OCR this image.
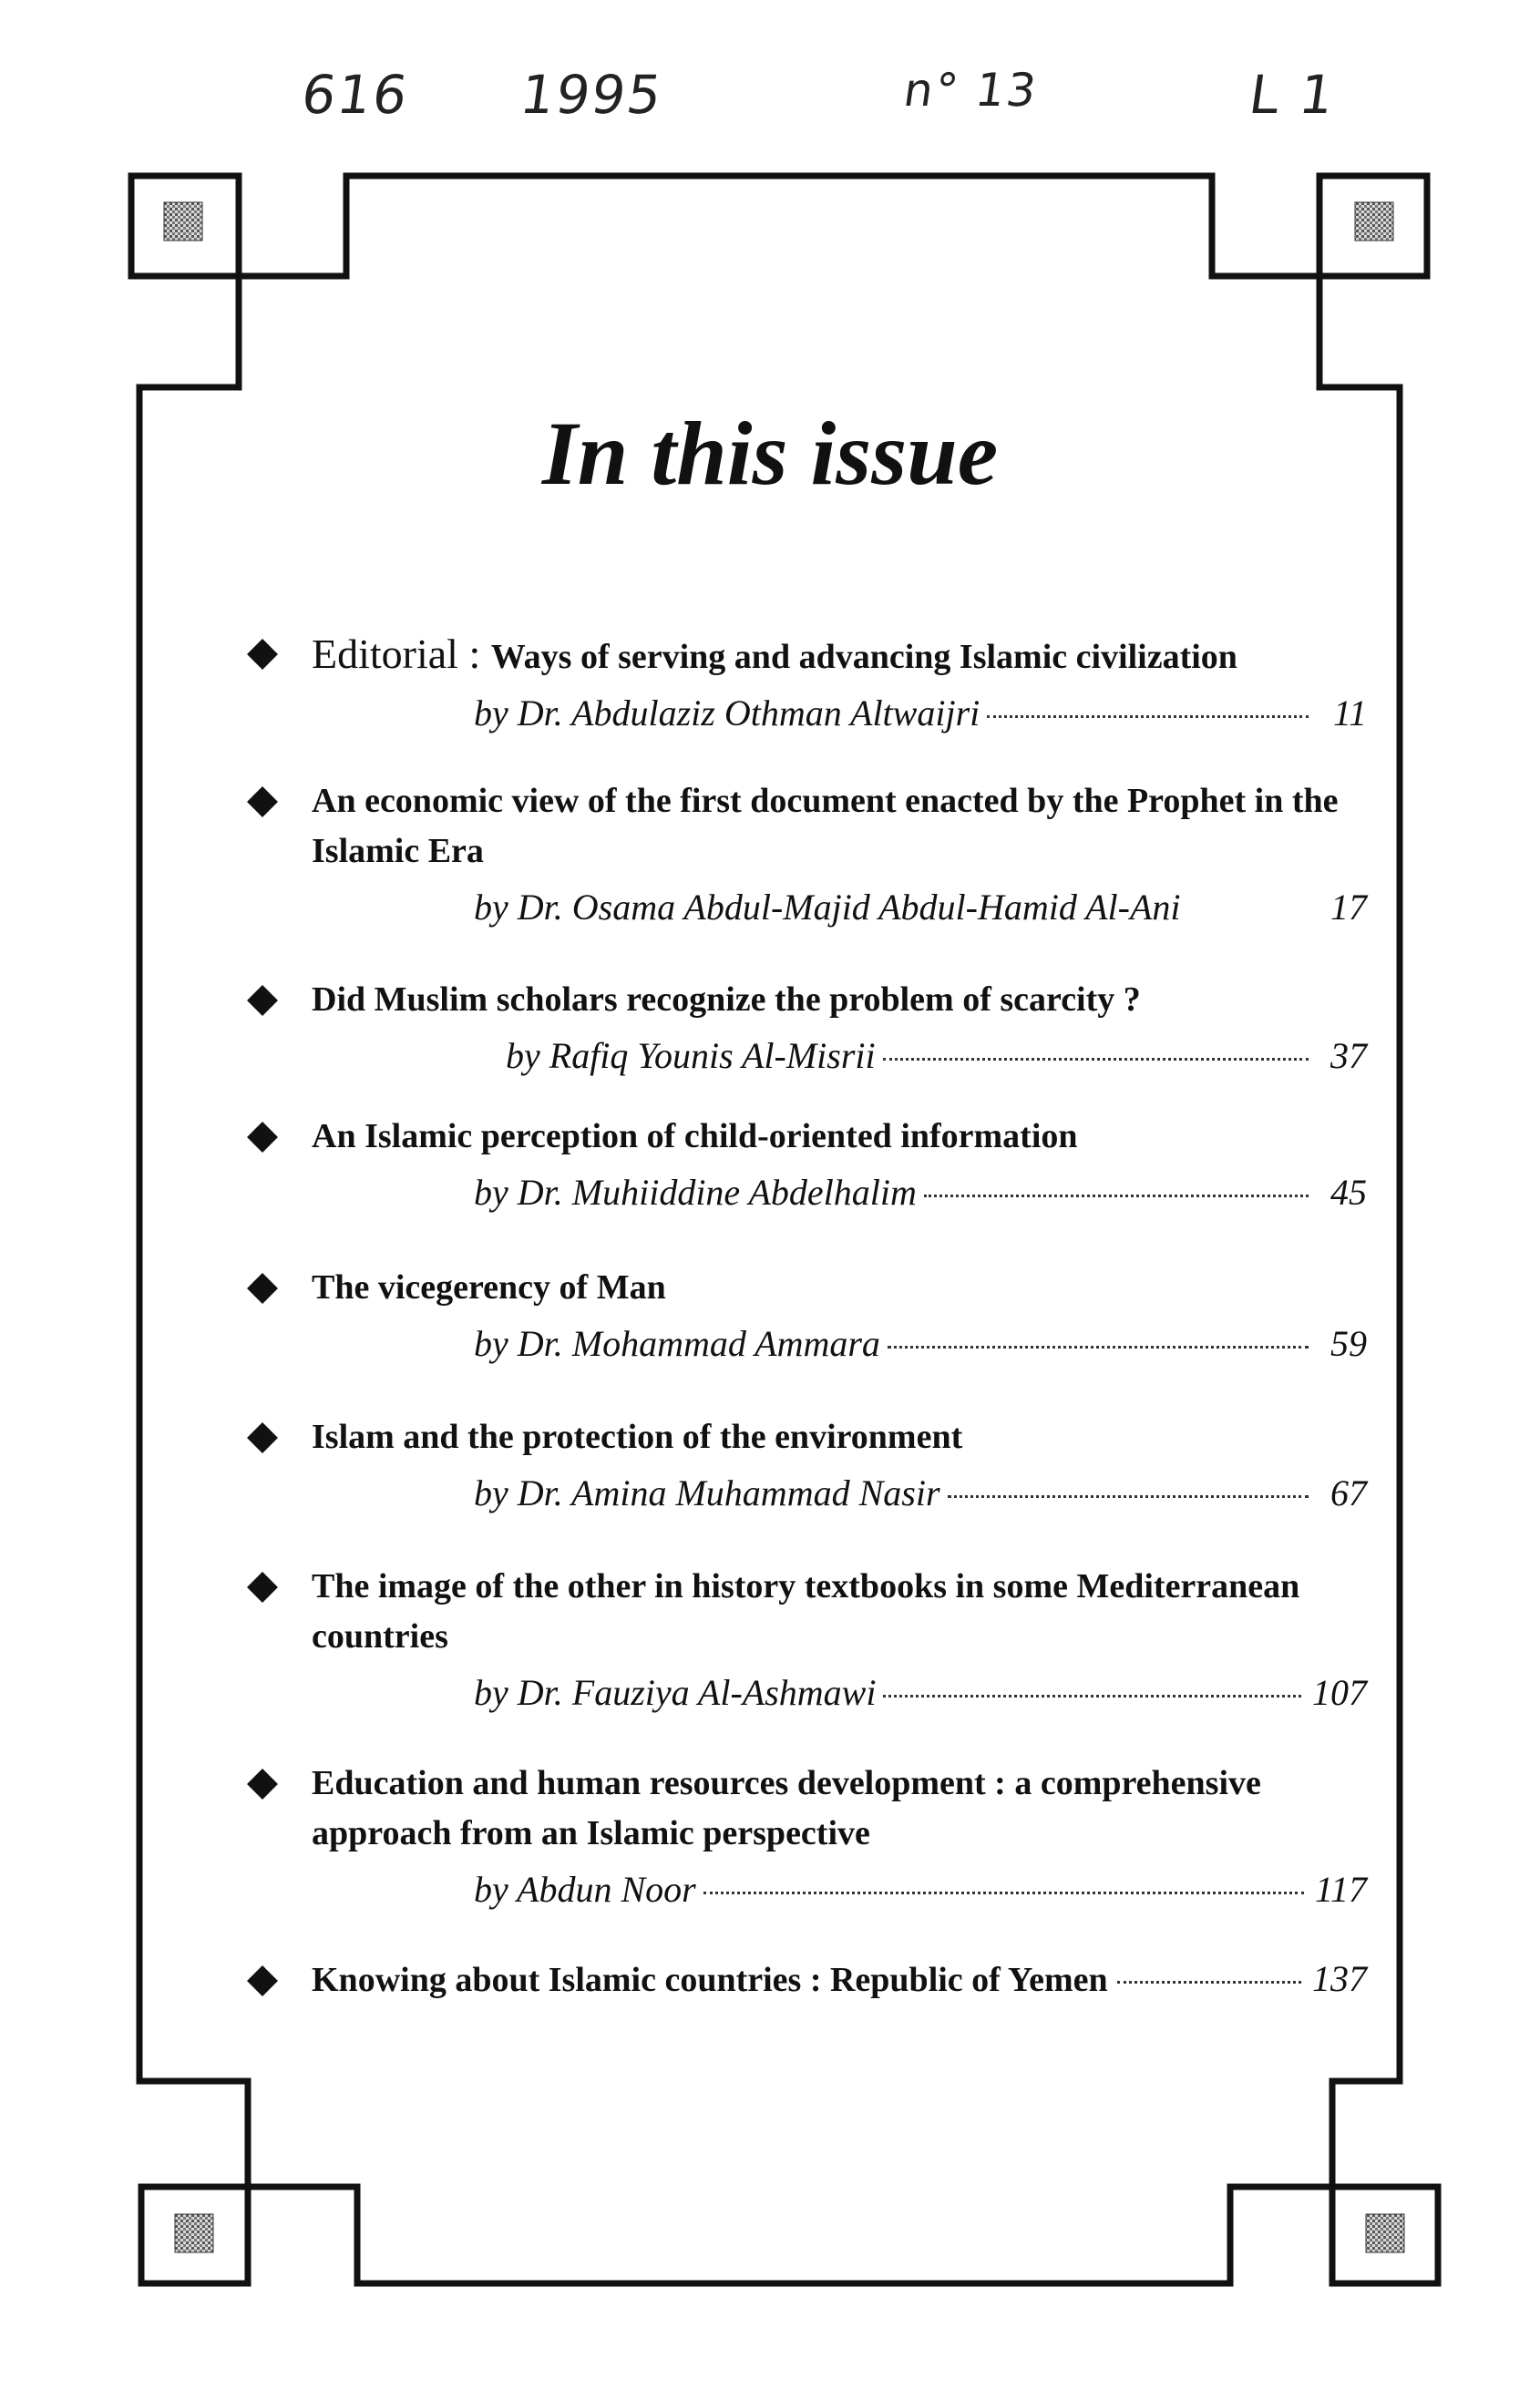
616 1995	n° 13	L 1
In this issue
Editorial : Ways of serving and advancing Islamic civilization
by Dr. Abdulaziz Othman Altwaijri	11
An economic view of the first document enacted by the Prophet in the Islamic Era
by Dr. Osama Abdul-Majid Abdul-Hamid Al-Ani	17
Did Muslim scholars recognize the problem of scarcity ?
by Rafiq Younis Al-Misrii	37
An Islamic perception of child-oriented information
by Dr. Muhiiddine Abdelhalim	45
The vicegerency of Man
by Dr. Mohammad Ammara	59
Islam and the protection of the environment
by Dr. Amina Muhammad Nasir	67
The image of the other in history textbooks in some Mediterranean countries
by Dr. Fauziya Al-Ashmawi	107
Education and human resources development : a comprehensive approach from an Islamic perspective
by Abdun Noor	117
Knowing about Islamic countries : Republic of Yemen	137
